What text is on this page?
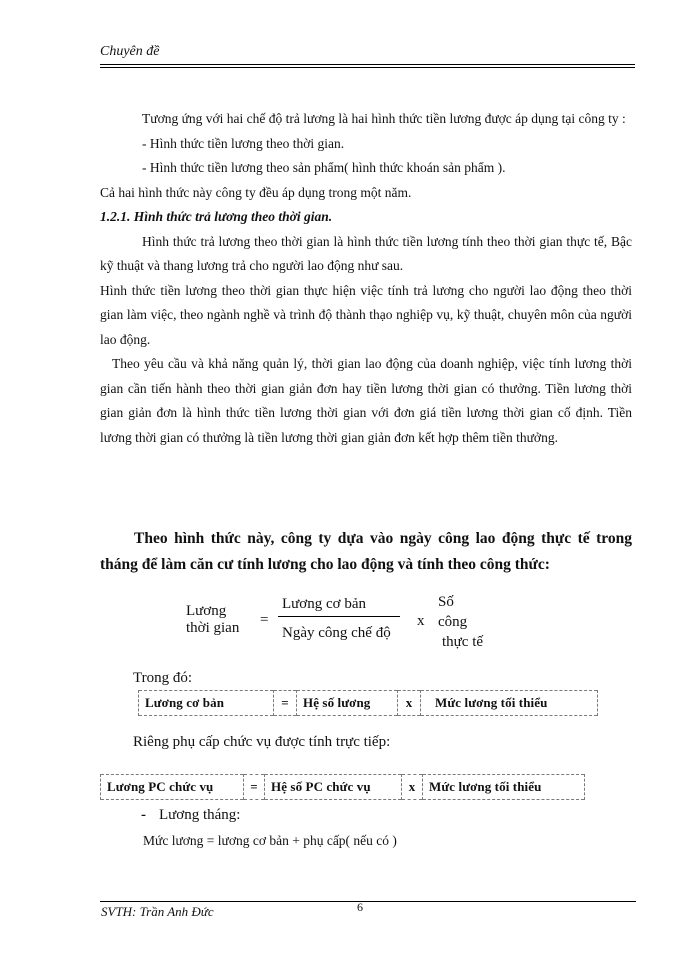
Chuyên đề

Tương ứng với hai chế độ trả lương là hai hình thức tiền lương được áp dụng tại công ty :

- Hình thức tiền lương theo thời gian.

- Hình thức tiền lương theo sản phẩm( hình thức khoán sản phẩm ).

Cả hai hình thức này công ty đều áp dụng trong một năm.

1.2.1. Hình thức trả lương theo thời gian.

Hình thức trả lương theo thời gian là hình thức tiền lương tính theo thời gian thực tế, Bậc kỹ thuật và thang lương trả cho người lao động như sau.

Hình thức tiền lương theo thời gian thực hiện việc tính trả lương cho người lao động theo thời gian làm việc, theo ngành nghề và trình độ thành thạo nghiệp vụ, kỹ thuật, chuyên môn của người lao động.

Theo yêu cầu và khả năng quản lý, thời gian lao động của doanh nghiệp, việc tính lương thời gian cần tiến hành theo thời gian giản đơn hay tiền lương thời gian có thưởng. Tiền lương thời gian giản đơn là hình thức tiền lương thời gian với đơn giá tiền lương thời gian cố định. Tiền lương thời gian có thưởng là tiền lương thời gian giản đơn kết hợp thêm tiền thưởng.

Theo hình thức này, công ty dựa vào ngày công lao động thực tế trong tháng để làm căn cư tính lương cho lao động và tính theo công thức:
Lương
thời gian =
Lương cơ bản
Ngày công chế độ
x
Số
công
thực tế
Trong đó:
Lương cơ bản	=	Hệ số lương	x	Mức lương tối thiểu
Riêng phụ cấp chức vụ được tính trực tiếp:
Lương PC chức vụ	=	Hệ số PC chức vụ	x	Mức lương tối thiểu
- Lương tháng:
Mức lương = lương cơ bản + phụ cấp( nếu có )
SVTH: Trần Anh Đức	6
